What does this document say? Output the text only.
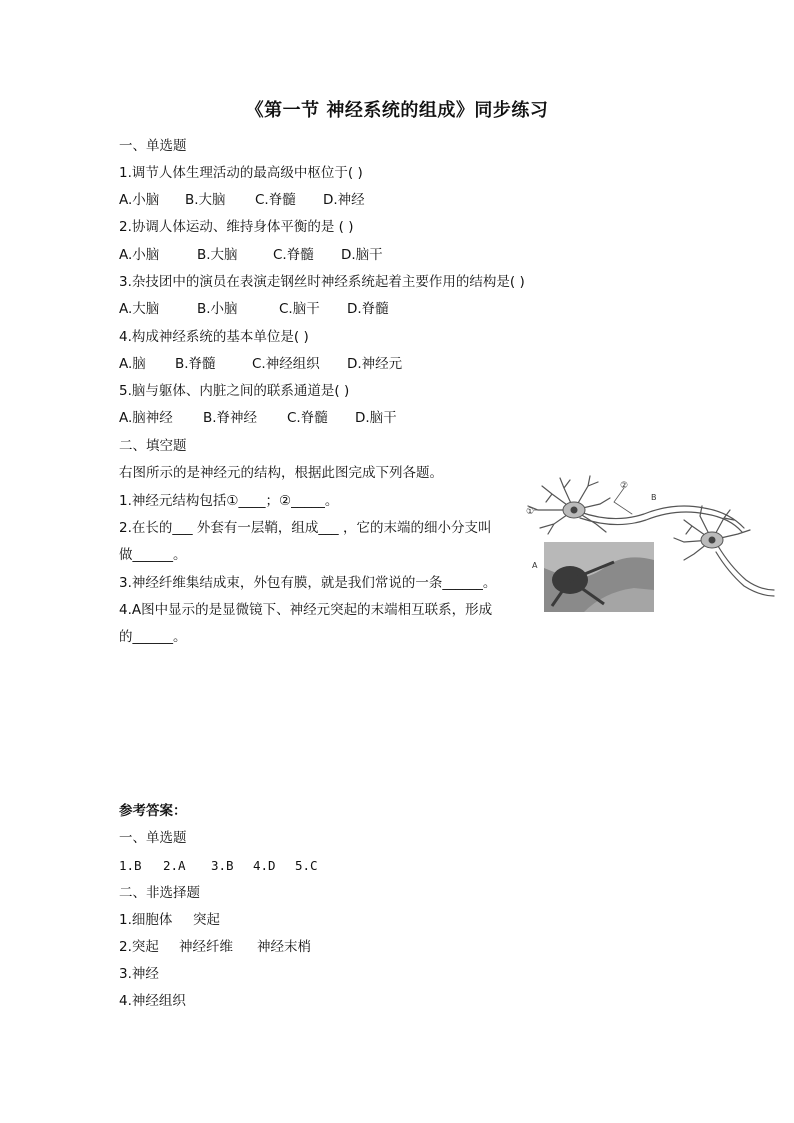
《第一节 神经系统的组成》同步练习
一、单选题
1.调节人体生理活动的最高级中枢位于( )
A.小脑 B.大脑 C.脊髓 D.神经
2.协调人体运动、维持身体平衡的是 ( )
A.小脑	B.大脑	C.脊髓 D.脑干
3.杂技团中的演员在表演走钢丝时神经系统起着主要作用的结构是( )
A.大脑	B.小脑	C.脑干 D.脊髓
4.构成神经系统的基本单位是( )
A.脑 B.脊髓	C.神经组织 D.神经元
5.脑与躯体、内脏之间的联系通道是( )
A.脑神经 B.脊神经 C.脊髓 D.脑干
二、填空题
右图所示的是神经元的结构，根据此图完成下列各题。
1.神经元结构包括①____；②_____。
2.在长的___ 外套有一层鞘，组成___ ，它的末端的细小分支叫
做______。
3.神经纤维集结成束，外包有膜，就是我们常说的一条______。
4.A图中显示的是显微镜下、神经元突起的末端相互联系，形成
的______。
①
②
B
A
参考答案：
一、单选题
1.B 2.A 3.B 4.D 5.C
二、非选择题
1.细胞体 突起
2.突起 神经纤维 神经末梢
3.神经
4.神经组织
